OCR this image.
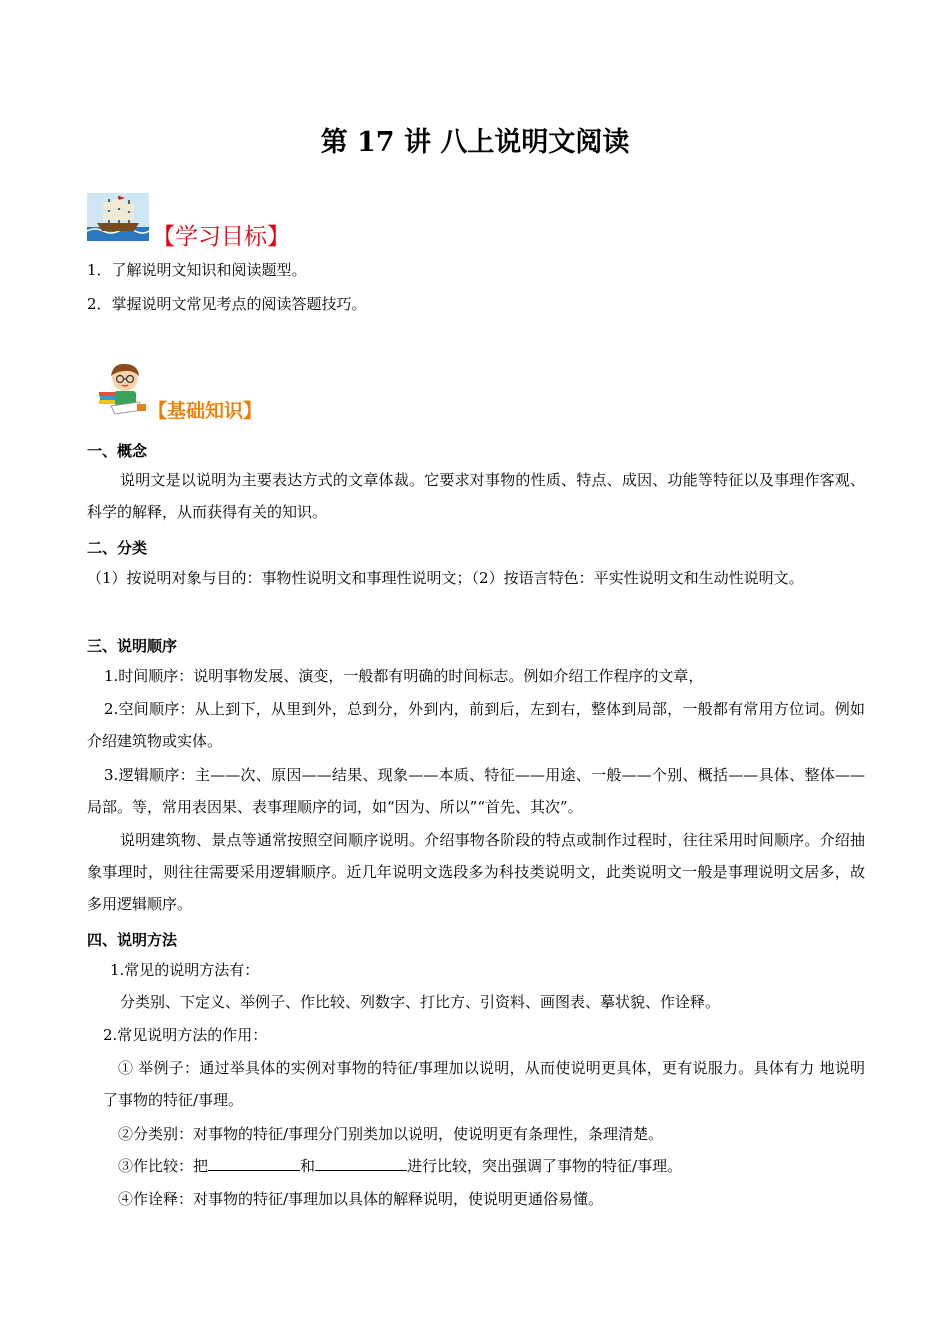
第 17 讲 八上说明文阅读
【学习目标】
1．了解说明文知识和阅读题型。
2．掌握说明文常见考点的阅读答题技巧。
【基础知识】
一、概念
说明文是以说明为主要表达方式的文章体裁。它要求对事物的性质、特点、成因、功能等特征以及事理作客观、科学的解释，从而获得有关的知识。
二、分类
（1）按说明对象与目的：事物性说明文和事理性说明文；（2）按语言特色：平实性说明文和生动性说明文。
三、说明顺序
1.时间顺序：说明事物发展、演变，一般都有明确的时间标志。例如介绍工作程序的文章，
2.空间顺序：从上到下，从里到外，总到分，外到内，前到后，左到右，整体到局部，一般都有常用方位词。例如介绍建筑物或实体。
3.逻辑顺序：主——次、原因——结果、现象——本质、特征——用途、一般——个别、概括——具体、整体——局部。等，常用表因果、表事理顺序的词，如“因为、所以”“首先、其次”。
说明建筑物、景点等通常按照空间顺序说明。介绍事物各阶段的特点或制作过程时，往往采用时间顺序。介绍抽象事理时，则往往需要采用逻辑顺序。近几年说明文选段多为科技类说明文，此类说明文一般是事理说明文居多，故多用逻辑顺序。
四、说明方法
1.常见的说明方法有：
分类别、下定义、举例子、作比较、列数字、打比方、引资料、画图表、摹状貌、作诠释。
2.常见说明方法的作用：
① 举例子：通过举具体的实例对事物的特征/事理加以说明，从而使说明更具体，更有说服力。具体有力 地说明了事物的特征/事理。
②分类别：对事物的特征/事理分门别类加以说明，使说明更有条理性，条理清楚。
③作比较：把	和	进行比较，突出强调了事物的特征/事理。
④作诠释：对事物的特征/事理加以具体的解释说明，使说明更通俗易懂。
